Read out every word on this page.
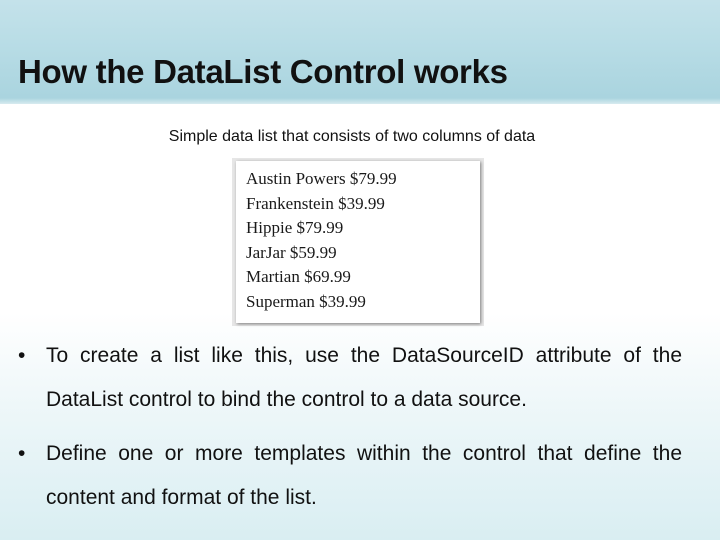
How the DataList Control works
Simple data list that consists of two columns of data
Austin Powers $79.99
Frankenstein $39.99
Hippie $79.99
JarJar $59.99
Martian $69.99
Superman $39.99
• To create a list like this, use the DataSourceID attribute of the DataList control to bind the control to a data source.
• Define one or more templates within the control that define the content and format of the list.
